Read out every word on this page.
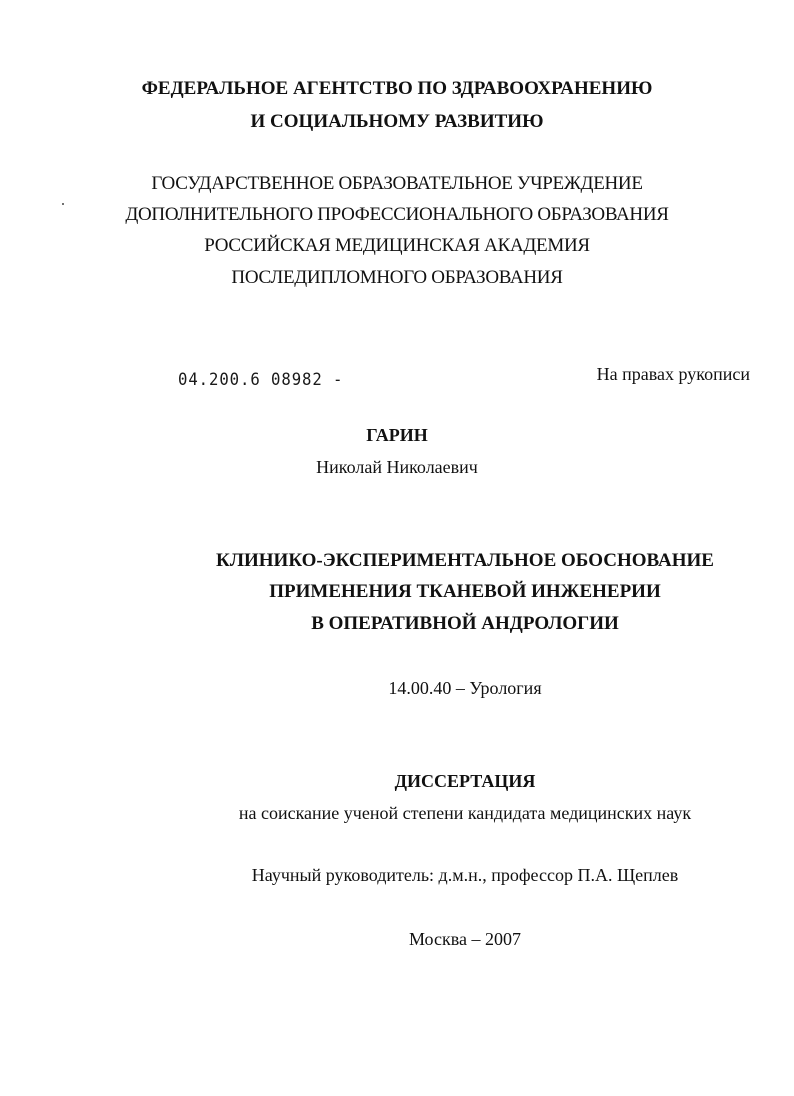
ФЕДЕРАЛЬНОЕ АГЕНТСТВО ПО ЗДРАВООХРАНЕНИЮ
И СОЦИАЛЬНОМУ РАЗВИТИЮ
ГОСУДАРСТВЕННОЕ ОБРАЗОВАТЕЛЬНОЕ УЧРЕЖДЕНИЕ
ДОПОЛНИТЕЛЬНОГО ПРОФЕССИОНАЛЬНОГО ОБРАЗОВАНИЯ
РОССИЙСКАЯ МЕДИЦИНСКАЯ АКАДЕМИЯ
ПОСЛЕДИПЛОМНОГО ОБРАЗОВАНИЯ
04.200.6 08982 -	На правах рукописи
ГАРИН
Николай Николаевич
КЛИНИКО-ЭКСПЕРИМЕНТАЛЬНОЕ ОБОСНОВАНИЕ
ПРИМЕНЕНИЯ ТКАНЕВОЙ ИНЖЕНЕРИИ
В ОПЕРАТИВНОЙ АНДРОЛОГИИ
14.00.40 – Урология
ДИССЕРТАЦИЯ
на соискание ученой степени кандидата медицинских наук
Научный руководитель: д.м.н., профессор П.А. Щеплев
Москва – 2007
